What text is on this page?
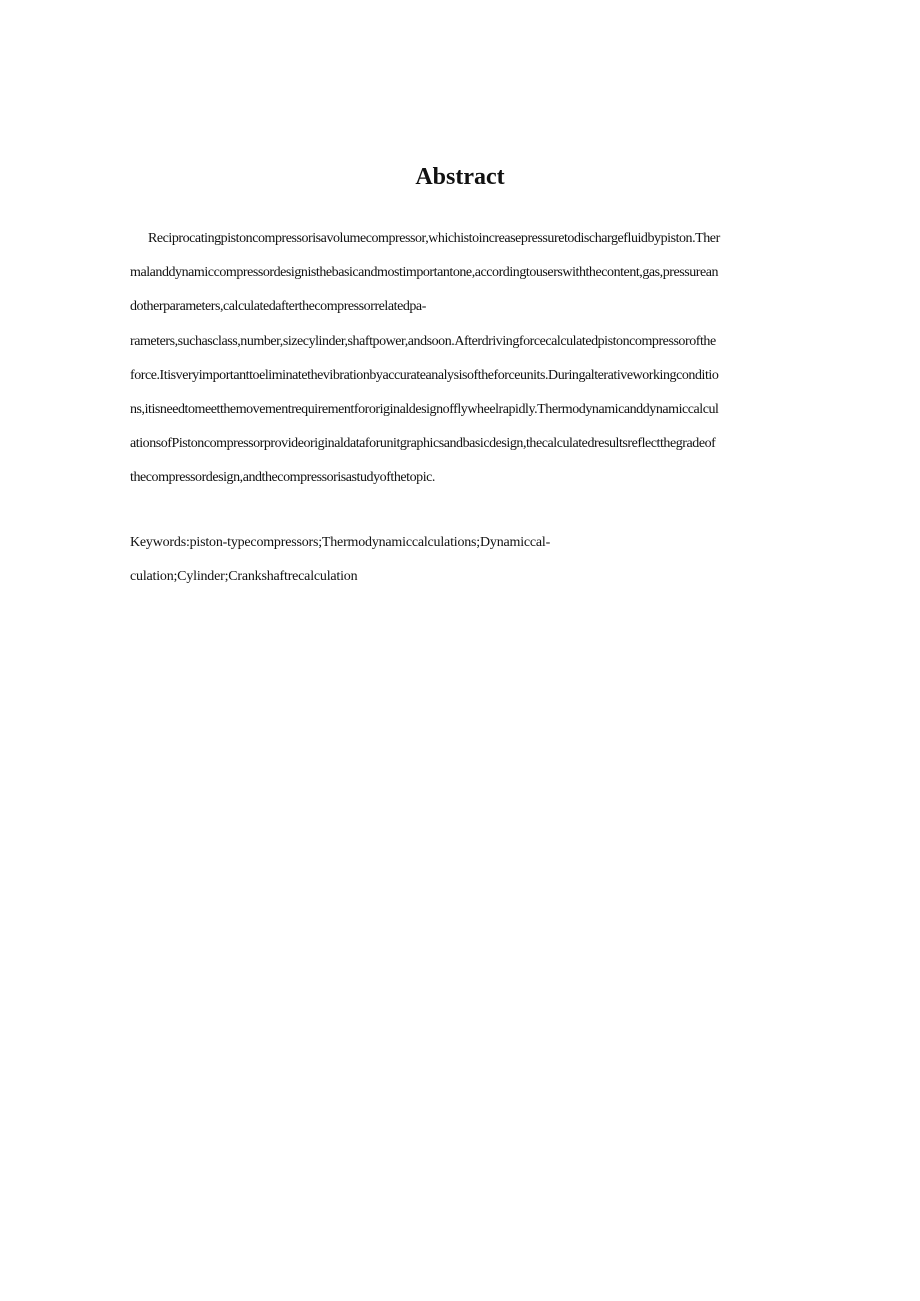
Abstract
Reciprocatingpistoncompressorisavolumecompressor,whichistoincreasepressuretodischargefluidbypiston.Ther
malanddynamiccompressordesignisthebasicandmostimportantone,accordingtouserswiththecontent,gas,pressurean
dotherparameters,calculatedafterthecompressorrelatedpa-
rameters,suchasclass,number,sizecylinder,shaftpower,andsoon.Afterdrivingforcecalculatedpistoncompressorofthe
force.Itisveryimportanttoeliminatethevibrationbyaccurateanalysisoftheforceunits.Duringalterativeworkingconditio
ns,itisneedtomeetthemovementrequirementfororiginaldesignofflywheelrapidly.Thermodynamicanddynamiccalcul
ationsofPistoncompressorprovideoriginaldataforunitgraphicsandbasicdesign,thecalculatedresultsreflectthegradeof
thecompressordesign,andthecompressorisastudyofthetopic.
Keywords:piston-typecompressors;Thermodynamiccalculations;Dynamiccal-
culation;Cylinder;Crankshaftrecalculation
